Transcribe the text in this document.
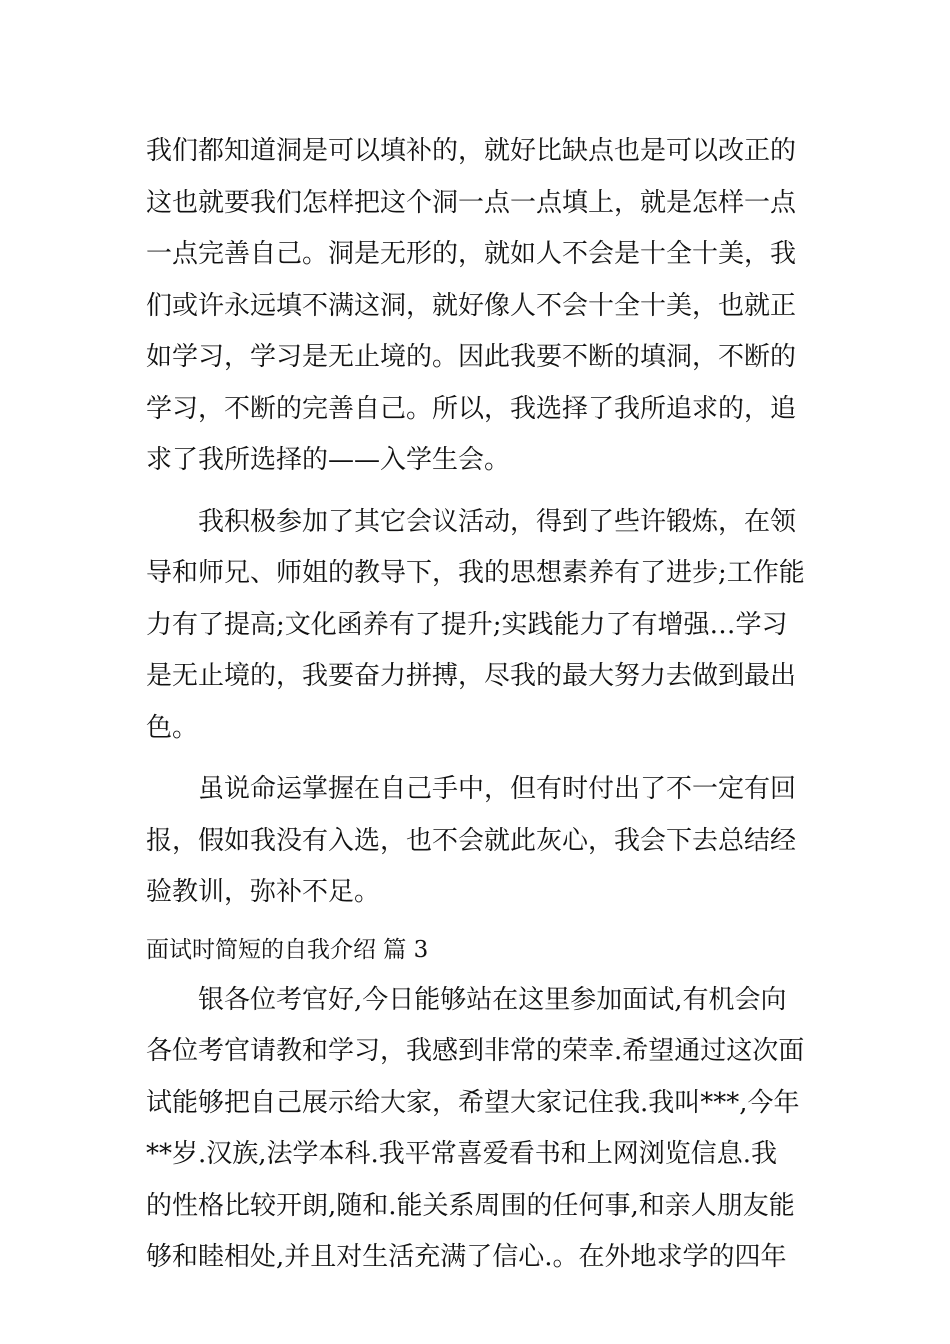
我们都知道洞是可以填补的，就好比缺点也是可以改正的
这也就要我们怎样把这个洞一点一点填上，就是怎样一点
一点完善自己。洞是无形的，就如人不会是十全十美，我
们或许永远填不满这洞，就好像人不会十全十美，也就正
如学习，学习是无止境的。因此我要不断的填洞，不断的
学习，不断的完善自己。所以，我选择了我所追求的，追
求了我所选择的——入学生会。
我积极参加了其它会议活动，得到了些许锻炼，在领
导和师兄、师姐的教导下，我的思想素养有了进步;工作能
力有了提高;文化函养有了提升;实践能力了有增强…学习
是无止境的，我要奋力拼搏，尽我的最大努力去做到最出
色。
虽说命运掌握在自己手中，但有时付出了不一定有回
报，假如我没有入选，也不会就此灰心，我会下去总结经
验教训，弥补不足。
面试时简短的自我介绍 篇 3
银各位考官好,今日能够站在这里参加面试,有机会向
各位考官请教和学习，我感到非常的荣幸.希望通过这次面
试能够把自己展示给大家，希望大家记住我.我叫***,今年
**岁.汉族,法学本科.我平常喜爱看书和上网浏览信息.我
的性格比较开朗,随和.能关系周围的任何事,和亲人朋友能
够和睦相处,并且对生活充满了信心.。在外地求学的四年
